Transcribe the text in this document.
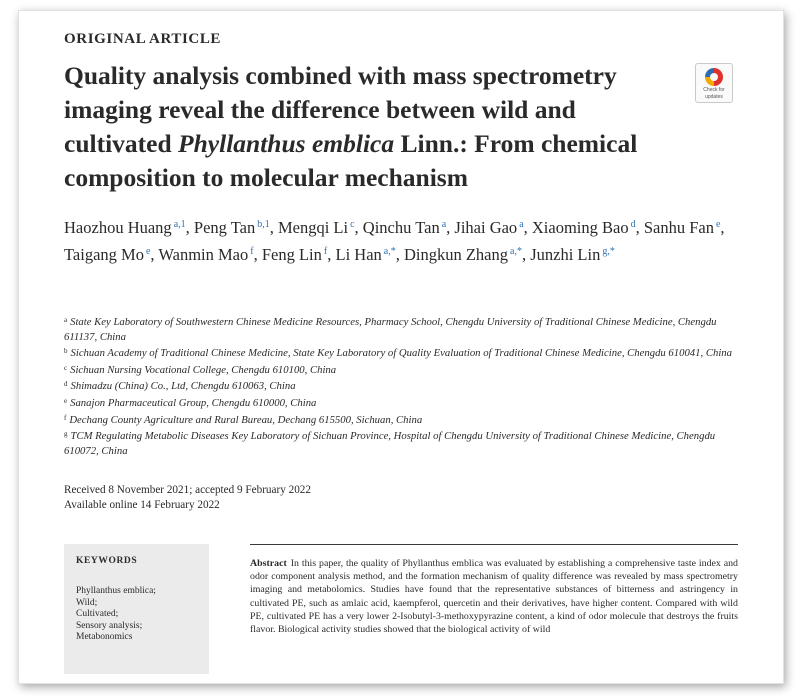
ORIGINAL ARTICLE
Quality analysis combined with mass spectrometry imaging reveal the difference between wild and cultivated Phyllanthus emblica Linn.: From chemical composition to molecular mechanism
Check for
updates

Haozhou Huang $^{a,1}$, Peng Tan $^{b,1}$, Mengqi Li $^c$, Qinchu Tan $^a$, Jihai Gao $^a$, Xiaoming Bao $^d$, Sanhu Fan $^e$, Taigang Mo $^e$, Wanmin Mao $^f$, Feng Lin $^f$, Li Han $^{a,*}$, Dingkun Zhang $^{a,*}$, Junzhi Lin $^{g,*}$

$^a$ State Key Laboratory of Southwestern Chinese Medicine Resources, Pharmacy School, Chengdu University of Traditional Chinese Medicine, Chengdu 611137, China

$^b$ Sichuan Academy of Traditional Chinese Medicine, State Key Laboratory of Quality Evaluation of Traditional Chinese Medicine, Chengdu 610041, China

$^c$ Sichuan Nursing Vocational College, Chengdu 610100, China

$^d$ Shimadzu (China) Co., Ltd, Chengdu 610063, China

$^e$ Sanajon Pharmaceutical Group, Chengdu 610000, China

$^f$ Dechang County Agriculture and Rural Bureau, Dechang 615500, Sichuan, China

$^g$ TCM Regulating Metabolic Diseases Key Laboratory of Sichuan Province, Hospital of Chengdu University of Traditional Chinese Medicine, Chengdu 610072, China

Received 8 November 2021; accepted 9 February 2022
Available online 14 February 2022
KEYWORDS
Phyllanthus emblica;
Wild;
Cultivated;
Sensory analysis;
Metabonomics

Abstract In this paper, the quality of Phyllanthus emblica was evaluated by establishing a comprehensive taste index and odor component analysis method, and the formation mechanism of quality difference was revealed by mass spectrometry imaging and metabolomics. Studies have found that the representative substances of bitterness and astringency in cultivated PE, such as amlaic acid, kaempferol, quercetin and their derivatives, have higher content. Compared with wild PE, cultivated PE has a very lower 2-Isobutyl-3-methoxypyrazine content, a kind of odor molecule that destroys the fruits flavor. Biological activity studies showed that the biological activity of wild
